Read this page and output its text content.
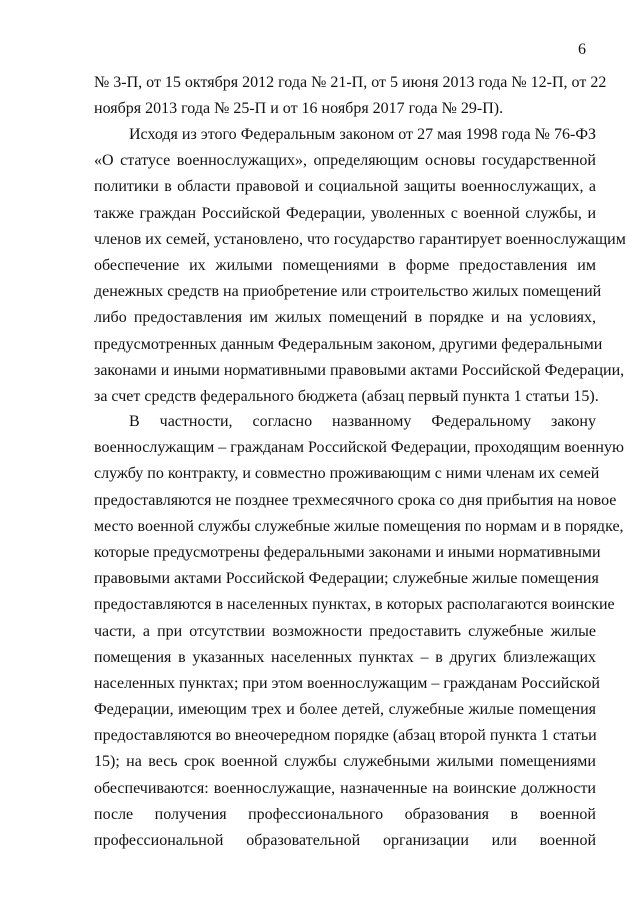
6
№ 3-П, от 15 октября 2012 года № 21-П, от 5 июня 2013 года № 12-П, от 22
ноября 2013 года № 25-П и от 16 ноября 2017 года № 29-П).
Исходя из этого Федеральным законом от 27 мая 1998 года № 76-ФЗ
«О статусе военнослужащих», определяющим основы государственной
политики в области правовой и социальной защиты военнослужащих, а
также граждан Российской Федерации, уволенных с военной службы, и
членов их семей, установлено, что государство гарантирует военнослужащим
обеспечение их жилыми помещениями в форме предоставления им
денежных средств на приобретение или строительство жилых помещений
либо предоставления им жилых помещений в порядке и на условиях,
предусмотренных данным Федеральным законом, другими федеральными
законами и иными нормативными правовыми актами Российской Федерации,
за счет средств федерального бюджета (абзац первый пункта 1 статьи 15).
В частности, согласно названному Федеральному закону
военнослужащим – гражданам Российской Федерации, проходящим военную
службу по контракту, и совместно проживающим с ними членам их семей
предоставляются не позднее трехмесячного срока со дня прибытия на новое
место военной службы служебные жилые помещения по нормам и в порядке,
которые предусмотрены федеральными законами и иными нормативными
правовыми актами Российской Федерации; служебные жилые помещения
предоставляются в населенных пунктах, в которых располагаются воинские
части, а при отсутствии возможности предоставить служебные жилые
помещения в указанных населенных пунктах – в других близлежащих
населенных пунктах; при этом военнослужащим – гражданам Российской
Федерации, имеющим трех и более детей, служебные жилые помещения
предоставляются во внеочередном порядке (абзац второй пункта 1 статьи
15); на весь срок военной службы служебными жилыми помещениями
обеспечиваются: военнослужащие, назначенные на воинские должности
после получения профессионального образования в военной
профессиональной образовательной организации или военной
